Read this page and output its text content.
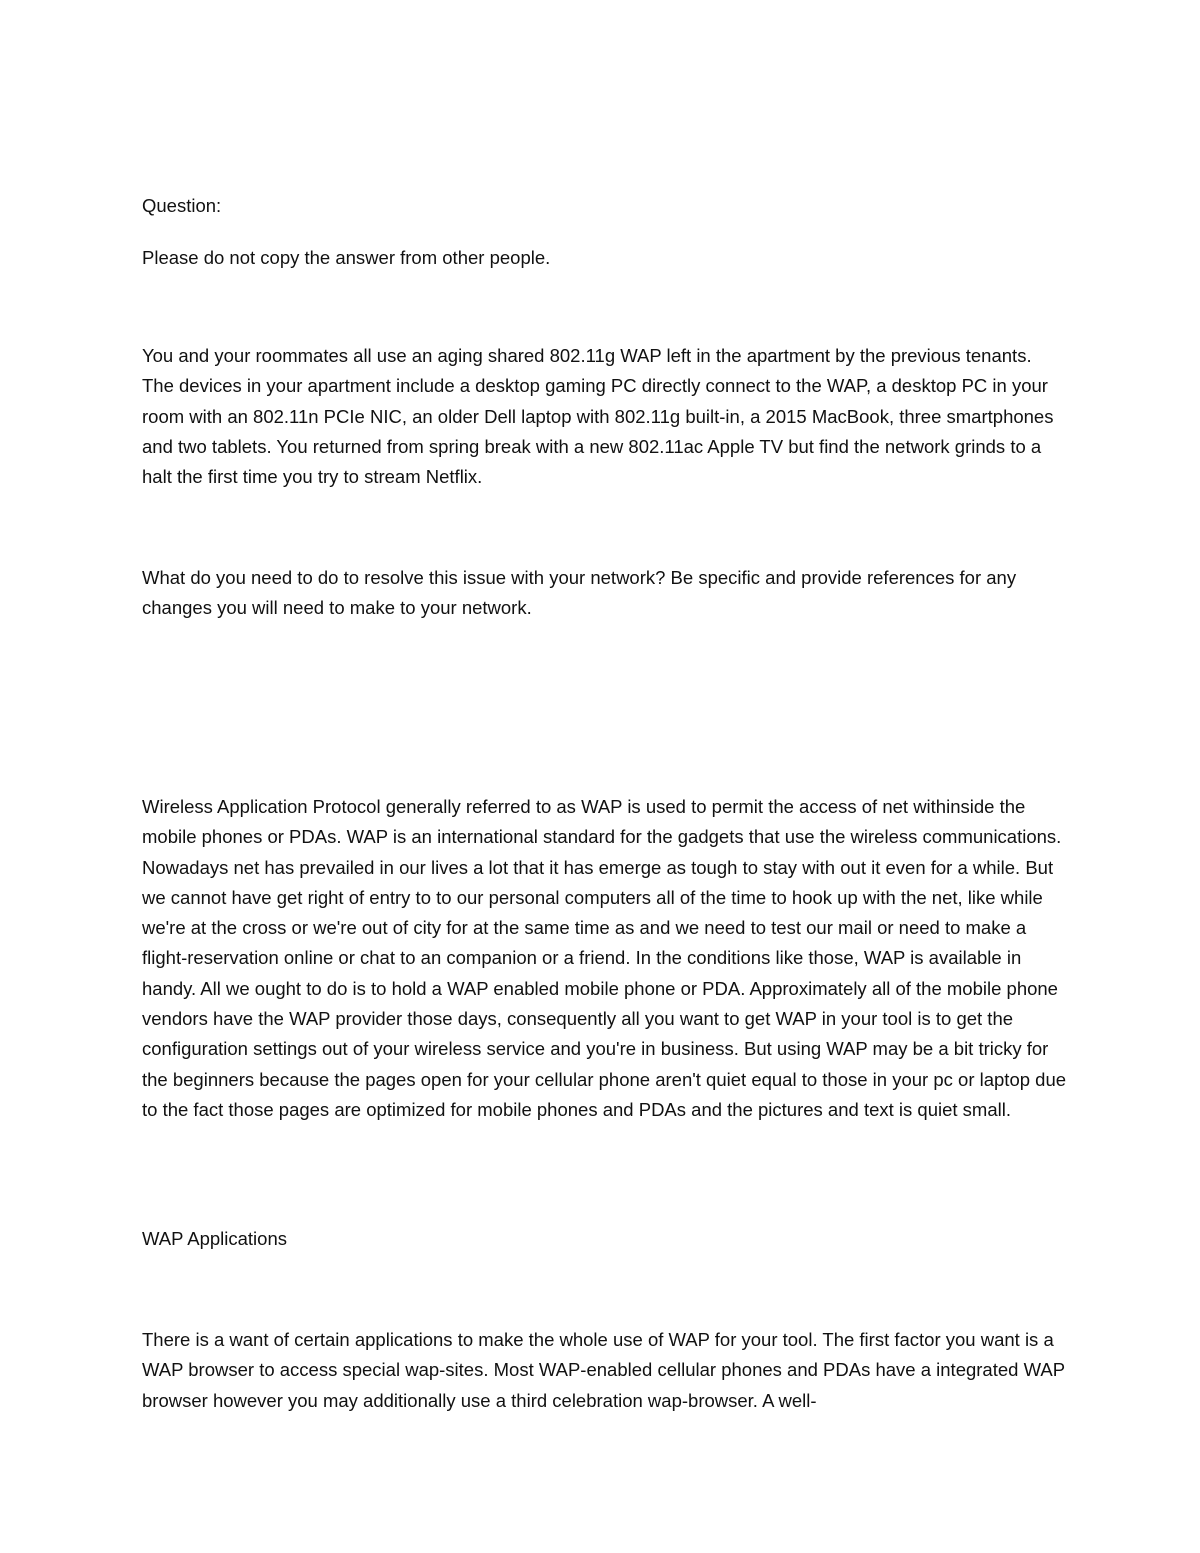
Question:

Please do not copy the answer from other people.

You and your roommates all use an aging shared 802.11g WAP left in the apartment by the previous tenants. The devices in your apartment include a desktop gaming PC directly connect to the WAP, a desktop PC in your room with an 802.11n PCIe NIC, an older Dell laptop with 802.11g built-in, a 2015 MacBook, three smartphones and two tablets. You returned from spring break with a new 802.11ac Apple TV but find the network grinds to a halt the first time you try to stream Netflix.

What do you need to do to resolve this issue with your network? Be specific and provide references for any changes you will need to make to your network.

Wireless Application Protocol generally referred to as WAP is used to permit the access of net withinside the mobile phones or PDAs. WAP is an international standard for the gadgets that use the wireless communications. Nowadays net has prevailed in our lives a lot that it has emerge as tough to stay with out it even for a while. But we cannot have get right of entry to to our personal computers all of the time to hook up with the net, like while we're at the cross or we're out of city for at the same time as and we need to test our mail or need to make a flight-reservation online or chat to an companion or a friend. In the conditions like those, WAP is available in handy. All we ought to do is to hold a WAP enabled mobile phone or PDA. Approximately all of the mobile phone vendors have the WAP provider those days, consequently all you want to get WAP in your tool is to get the configuration settings out of your wireless service and you're in business. But using WAP may be a bit tricky for the beginners because the pages open for your cellular phone aren't quiet equal to those in your pc or laptop due to the fact those pages are optimized for mobile phones and PDAs and the pictures and text is quiet small.

WAP Applications

There is a want of certain applications to make the whole use of WAP for your tool. The first factor you want is a WAP browser to access special wap-sites. Most WAP-enabled cellular phones and PDAs have a integrated WAP browser however you may additionally use a third celebration wap-browser. A well-
